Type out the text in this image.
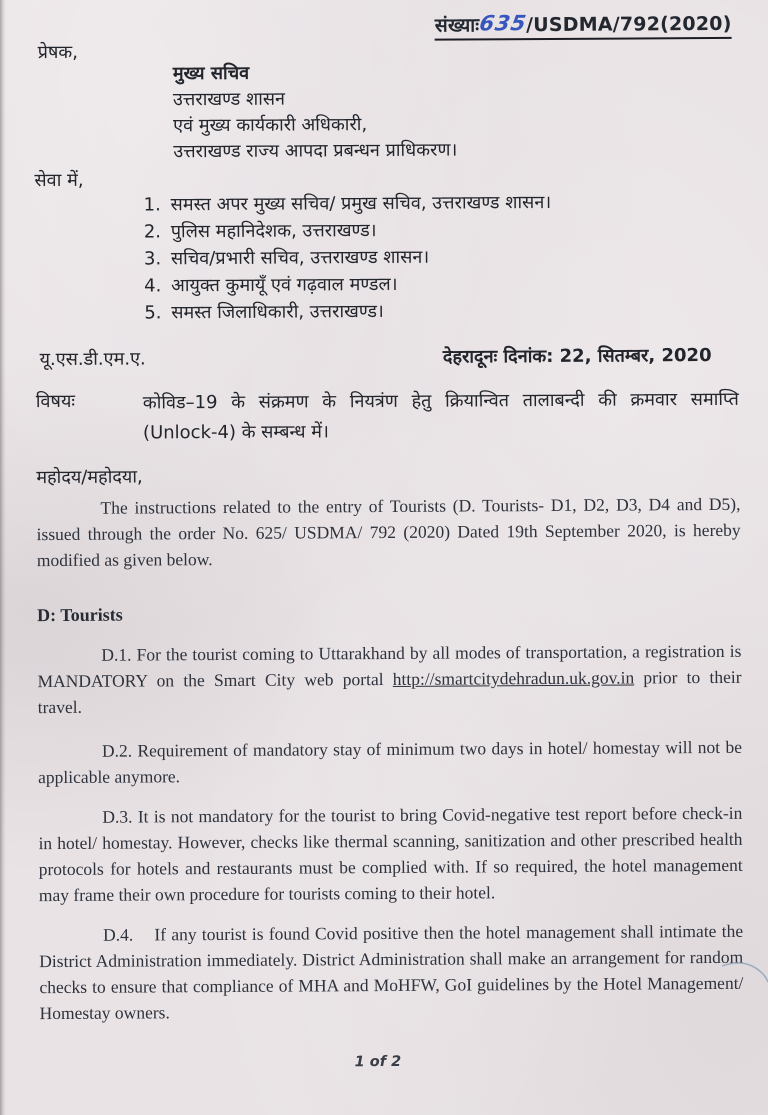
संख्याः635/USDMA/792(2020)
प्रेषक,
मुख्य सचिव
उत्तराखण्ड शासन
एवं मुख्य कार्यकारी अधिकारी,
उत्तराखण्ड राज्य आपदा प्रबन्धन प्राधिकरण।
सेवा में,
1. समस्त अपर मुख्य सचिव/ प्रमुख सचिव, उत्तराखण्ड शासन।
2. पुलिस महानिदेशक, उत्तराखण्ड।
3. सचिव/प्रभारी सचिव, उत्तराखण्ड शासन।
4. आयुक्त कुमायूँ एवं गढ़वाल मण्डल।
5. समस्त जिलाधिकारी, उत्तराखण्ड।
यू.एस.डी.एम.ए.	देहरादूनः दिनांक: 22, सितम्बर, 2020
विषयः	कोविड–19 के संक्रमण के नियत्रंण हेतु क्रियान्वित तालाबन्दी की क्रमवार समाप्ति (Unlock-4) के सम्बन्ध में।
महोदय/महोदया,

The instructions related to the entry of Tourists (D. Tourists- D1, D2, D3, D4 and D5), issued through the order No. 625/ USDMA/ 792 (2020) Dated 19th September 2020, is hereby modified as given below.

D: Tourists

D.1. For the tourist coming to Uttarakhand by all modes of transportation, a registration is MANDATORY on the Smart City web portal http://smartcitydehradun.uk.gov.in prior to their travel.

D.2. Requirement of mandatory stay of minimum two days in hotel/ homestay will not be applicable anymore.

D.3. It is not mandatory for the tourist to bring Covid-negative test report before check-in in hotel/ homestay. However, checks like thermal scanning, sanitization and other prescribed health protocols for hotels and restaurants must be complied with. If so required, the hotel management may frame their own procedure for tourists coming to their hotel.

D.4.    If any tourist is found Covid positive then the hotel management shall intimate the District Administration immediately. District Administration shall make an arrangement for random checks to ensure that compliance of MHA and MoHFW, GoI guidelines by the Hotel Management/ Homestay owners.

1 of 2
